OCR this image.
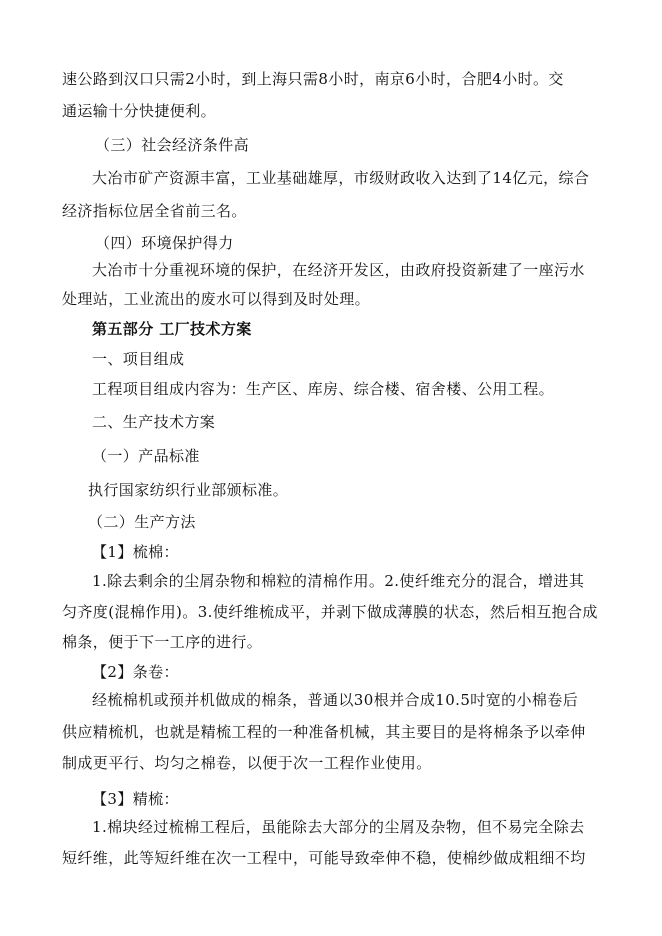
速公路到汉口只需2小时，到上海只需8小时，南京6小时，合肥4小时。交
通运输十分快捷便利。
（三）社会经济条件高
大冶市矿产资源丰富，工业基础雄厚，市级财政收入达到了14亿元，综合
经济指标位居全省前三名。
（四）环境保护得力
大冶市十分重视环境的保护，在经济开发区，由政府投资新建了一座污水
处理站，工业流出的废水可以得到及时处理。
第五部分 工厂技术方案
一、项目组成
工程项目组成内容为：生产区、库房、综合楼、宿舍楼、公用工程。
二、生产技术方案
（一）产品标准
执行国家纺织行业部颁标准。
（二）生产方法
【1】梳棉：
1.除去剩余的尘屑杂物和棉粒的清棉作用。2.使纤维充分的混合，增进其
匀齐度(混棉作用)。3.使纤维梳成平，并剥下做成薄膜的状态，然后相互抱合成
棉条，便于下一工序的进行。
【2】条卷：
经梳棉机或预并机做成的棉条，普通以30根并合成10.5吋宽的小棉卷后
供应精梳机，也就是精梳工程的一种准备机械，其主要目的是将棉条予以牵伸
制成更平行、均匀之棉卷，以便于次一工程作业使用。
【3】精梳：
1.棉块经过梳棉工程后，虽能除去大部分的尘屑及杂物，但不易完全除去
短纤维，此等短纤维在次一工程中，可能导致牵伸不稳，使棉纱做成粗细不均
